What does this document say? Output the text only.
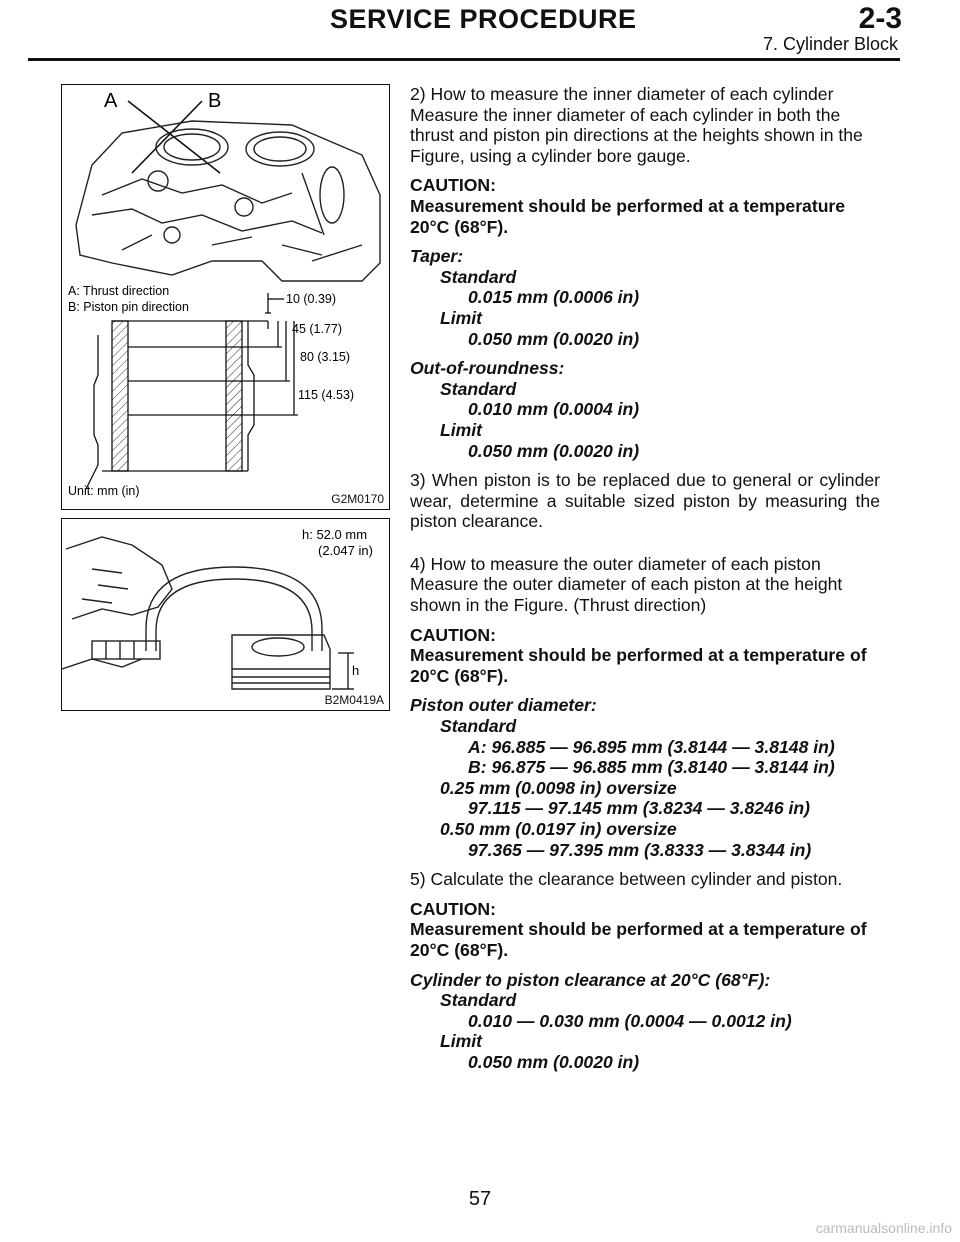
SERVICE PROCEDURE	2-3
7. Cylinder Block
A	B
A: Thrust direction
B: Piston pin direction
10 (0.39)
45 (1.77)
80 (3.15)
115 (4.53)
Unit: mm (in)
G2M0170
h: 52.0 mm
(2.047 in)
h
B2M0419A

2) How to measure the inner diameter of each cylinder
Measure the inner diameter of each cylinder in both the thrust and piston pin directions at the heights shown in the Figure, using a cylinder bore gauge.

CAUTION:
Measurement should be performed at a temperature 20°C (68°F).
Taper:
Standard
0.015 mm (0.0006 in)
Limit
0.050 mm (0.0020 in)
Out-of-roundness:
Standard
0.010 mm (0.0004 in)
Limit
0.050 mm (0.0020 in)

3) When piston is to be replaced due to general or cylinder wear, determine a suitable sized piston by measuring the piston clearance.

4) How to measure the outer diameter of each piston
Measure the outer diameter of each piston at the height shown in the Figure. (Thrust direction)

CAUTION:
Measurement should be performed at a temperature of 20°C (68°F).
Piston outer diameter:
Standard
A: 96.885 — 96.895 mm (3.8144 — 3.8148 in)
B: 96.875 — 96.885 mm (3.8140 — 3.8144 in)
0.25 mm (0.0098 in) oversize
97.115 — 97.145 mm (3.8234 — 3.8246 in)
0.50 mm (0.0197 in) oversize
97.365 — 97.395 mm (3.8333 — 3.8344 in)

5) Calculate the clearance between cylinder and piston.

CAUTION:
Measurement should be performed at a temperature of 20°C (68°F).
Cylinder to piston clearance at 20°C (68°F):
Standard
0.010 — 0.030 mm (0.0004 — 0.0012 in)
Limit
0.050 mm (0.0020 in)
57
carmanualsonline.info
